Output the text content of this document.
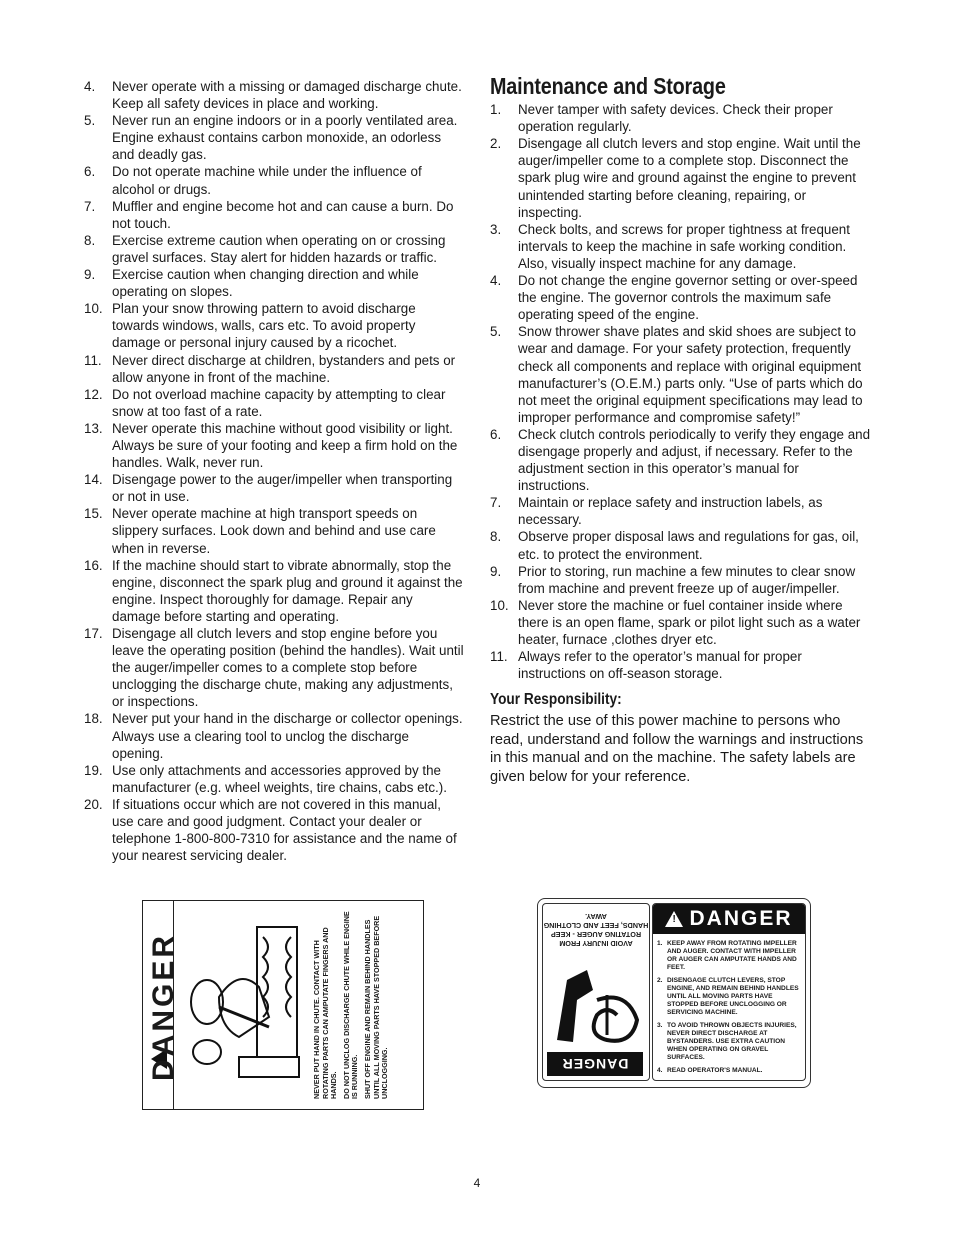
4.	Never operate with a missing or damaged discharge chute. Keep all safety devices in place and working.
5.	Never run an engine indoors or in a poorly ventilated area. Engine exhaust contains carbon monoxide, an odorless and deadly gas.
6.	Do not operate machine while under the influence of alcohol or drugs.
7.	Muffler and engine become hot and can cause a burn. Do not touch.
8.	Exercise extreme caution when operating on or crossing gravel surfaces. Stay alert for hidden hazards or traffic.
9.	Exercise caution when changing direction and while operating on slopes.
10. Plan your snow throwing pattern to avoid discharge towards windows, walls, cars etc. To avoid property damage or personal injury caused by a ricochet.
11. Never direct discharge at children, bystanders and pets or allow anyone in front of the machine.
12. Do not overload machine capacity by attempting to clear snow at too fast of a rate.
13. Never operate this machine without good visibility or light. Always be sure of your footing and keep a firm hold on the handles. Walk, never run.
14. Disengage power to the auger/impeller when transporting or not in use.
15. Never operate machine at high transport speeds on slippery surfaces. Look down and behind and use care when in reverse.
16. If the machine should start to vibrate abnormally, stop the engine, disconnect the spark plug and ground it against the engine. Inspect thoroughly for damage. Repair any damage before starting and operating.
17. Disengage all clutch levers and stop engine before you leave the operating position (behind the handles). Wait until the auger/impeller comes to a complete stop before unclogging the discharge chute, making any adjustments, or inspections.
18. Never put your hand in the discharge or collector openings. Always use a clearing tool to unclog the discharge opening.
19. Use only attachments and accessories approved by the manufacturer (e.g. wheel weights, tire chains, cabs etc.).
20. If situations occur which are not covered in this manual, use care and good judgment. Contact your dealer or telephone 1-800-800-7310 for assistance and the name of your nearest servicing dealer.
Maintenance and Storage
1.	Never tamper with safety devices. Check their proper operation regularly.
2.	Disengage all clutch levers and stop engine. Wait until the auger/impeller come to a complete stop. Disconnect the spark plug wire and ground against the engine to prevent unintended starting before cleaning, repairing, or inspecting.
3.	Check bolts, and screws for proper tightness at frequent intervals to keep the machine in safe working condition. Also, visually inspect machine for any damage.
4.	Do not change the engine governor setting or over-speed the engine. The governor controls the maximum safe operating speed of the engine.
5.	Snow thrower shave plates and skid shoes are subject to wear and damage. For your safety protection, frequently check all components and replace with original equipment manufacturer’s (O.E.M.) parts only. “Use of parts which do not meet the original equipment specifications may lead to improper performance and compromise safety!”
6.	Check clutch controls periodically to verify they engage and disengage properly and adjust, if necessary. Refer to the adjustment section in this operator’s manual for instructions.
7.	Maintain or replace safety and instruction labels, as necessary.
8.	Observe proper disposal laws and regulations for gas, oil, etc. to protect the environment.
9.	Prior to storing, run machine a few minutes to clear snow from machine and prevent freeze up of auger/impeller.
10. Never store the machine or fuel container inside where there is an open flame, spark or pilot light such as a water heater, furnace ,clothes dryer etc.
11. Always refer to the operator’s manual for proper instructions on off-season storage.
Your Responsibility:
Restrict the use of this power machine to persons who read, understand and follow the warnings and instructions in this manual and on the machine. The safety labels are given below for your reference.
DANGER	NEVER PUT HAND IN CHUTE. CONTACT WITH ROTATING PARTS CAN AMPUTATE FINGERS AND HANDS. DO NOT UNCLOG DISCHARGE CHUTE WHILE ENGINE IS RUNNING. SHUT OFF ENGINE AND REMAIN BEHIND HANDLES UNTIL ALL MOVING PARTS HAVE STOPPED BEFORE UNCLOGGING.

AVOID INJURY FROM ROTATING AUGER - KEEP HANDS, FEET AND CLOTHING AWAY.
DANGER
! DANGER

1. KEEP AWAY FROM ROTATING IMPELLER AND AUGER. CONTACT WITH IMPELLER OR AUGER CAN AMPUTATE HANDS AND FEET.

2. DISENGAGE CLUTCH LEVERS, STOP ENGINE, AND REMAIN BEHIND HANDLES UNTIL ALL MOVING PARTS HAVE STOPPED BEFORE UNCLOGGING OR SERVICING MACHINE.

3. TO AVOID THROWN OBJECTS INJURIES, NEVER DIRECT DISCHARGE AT BYSTANDERS. USE EXTRA CAUTION WHEN OPERATING ON GRAVEL SURFACES.

4. READ OPERATOR'S MANUAL.

4
